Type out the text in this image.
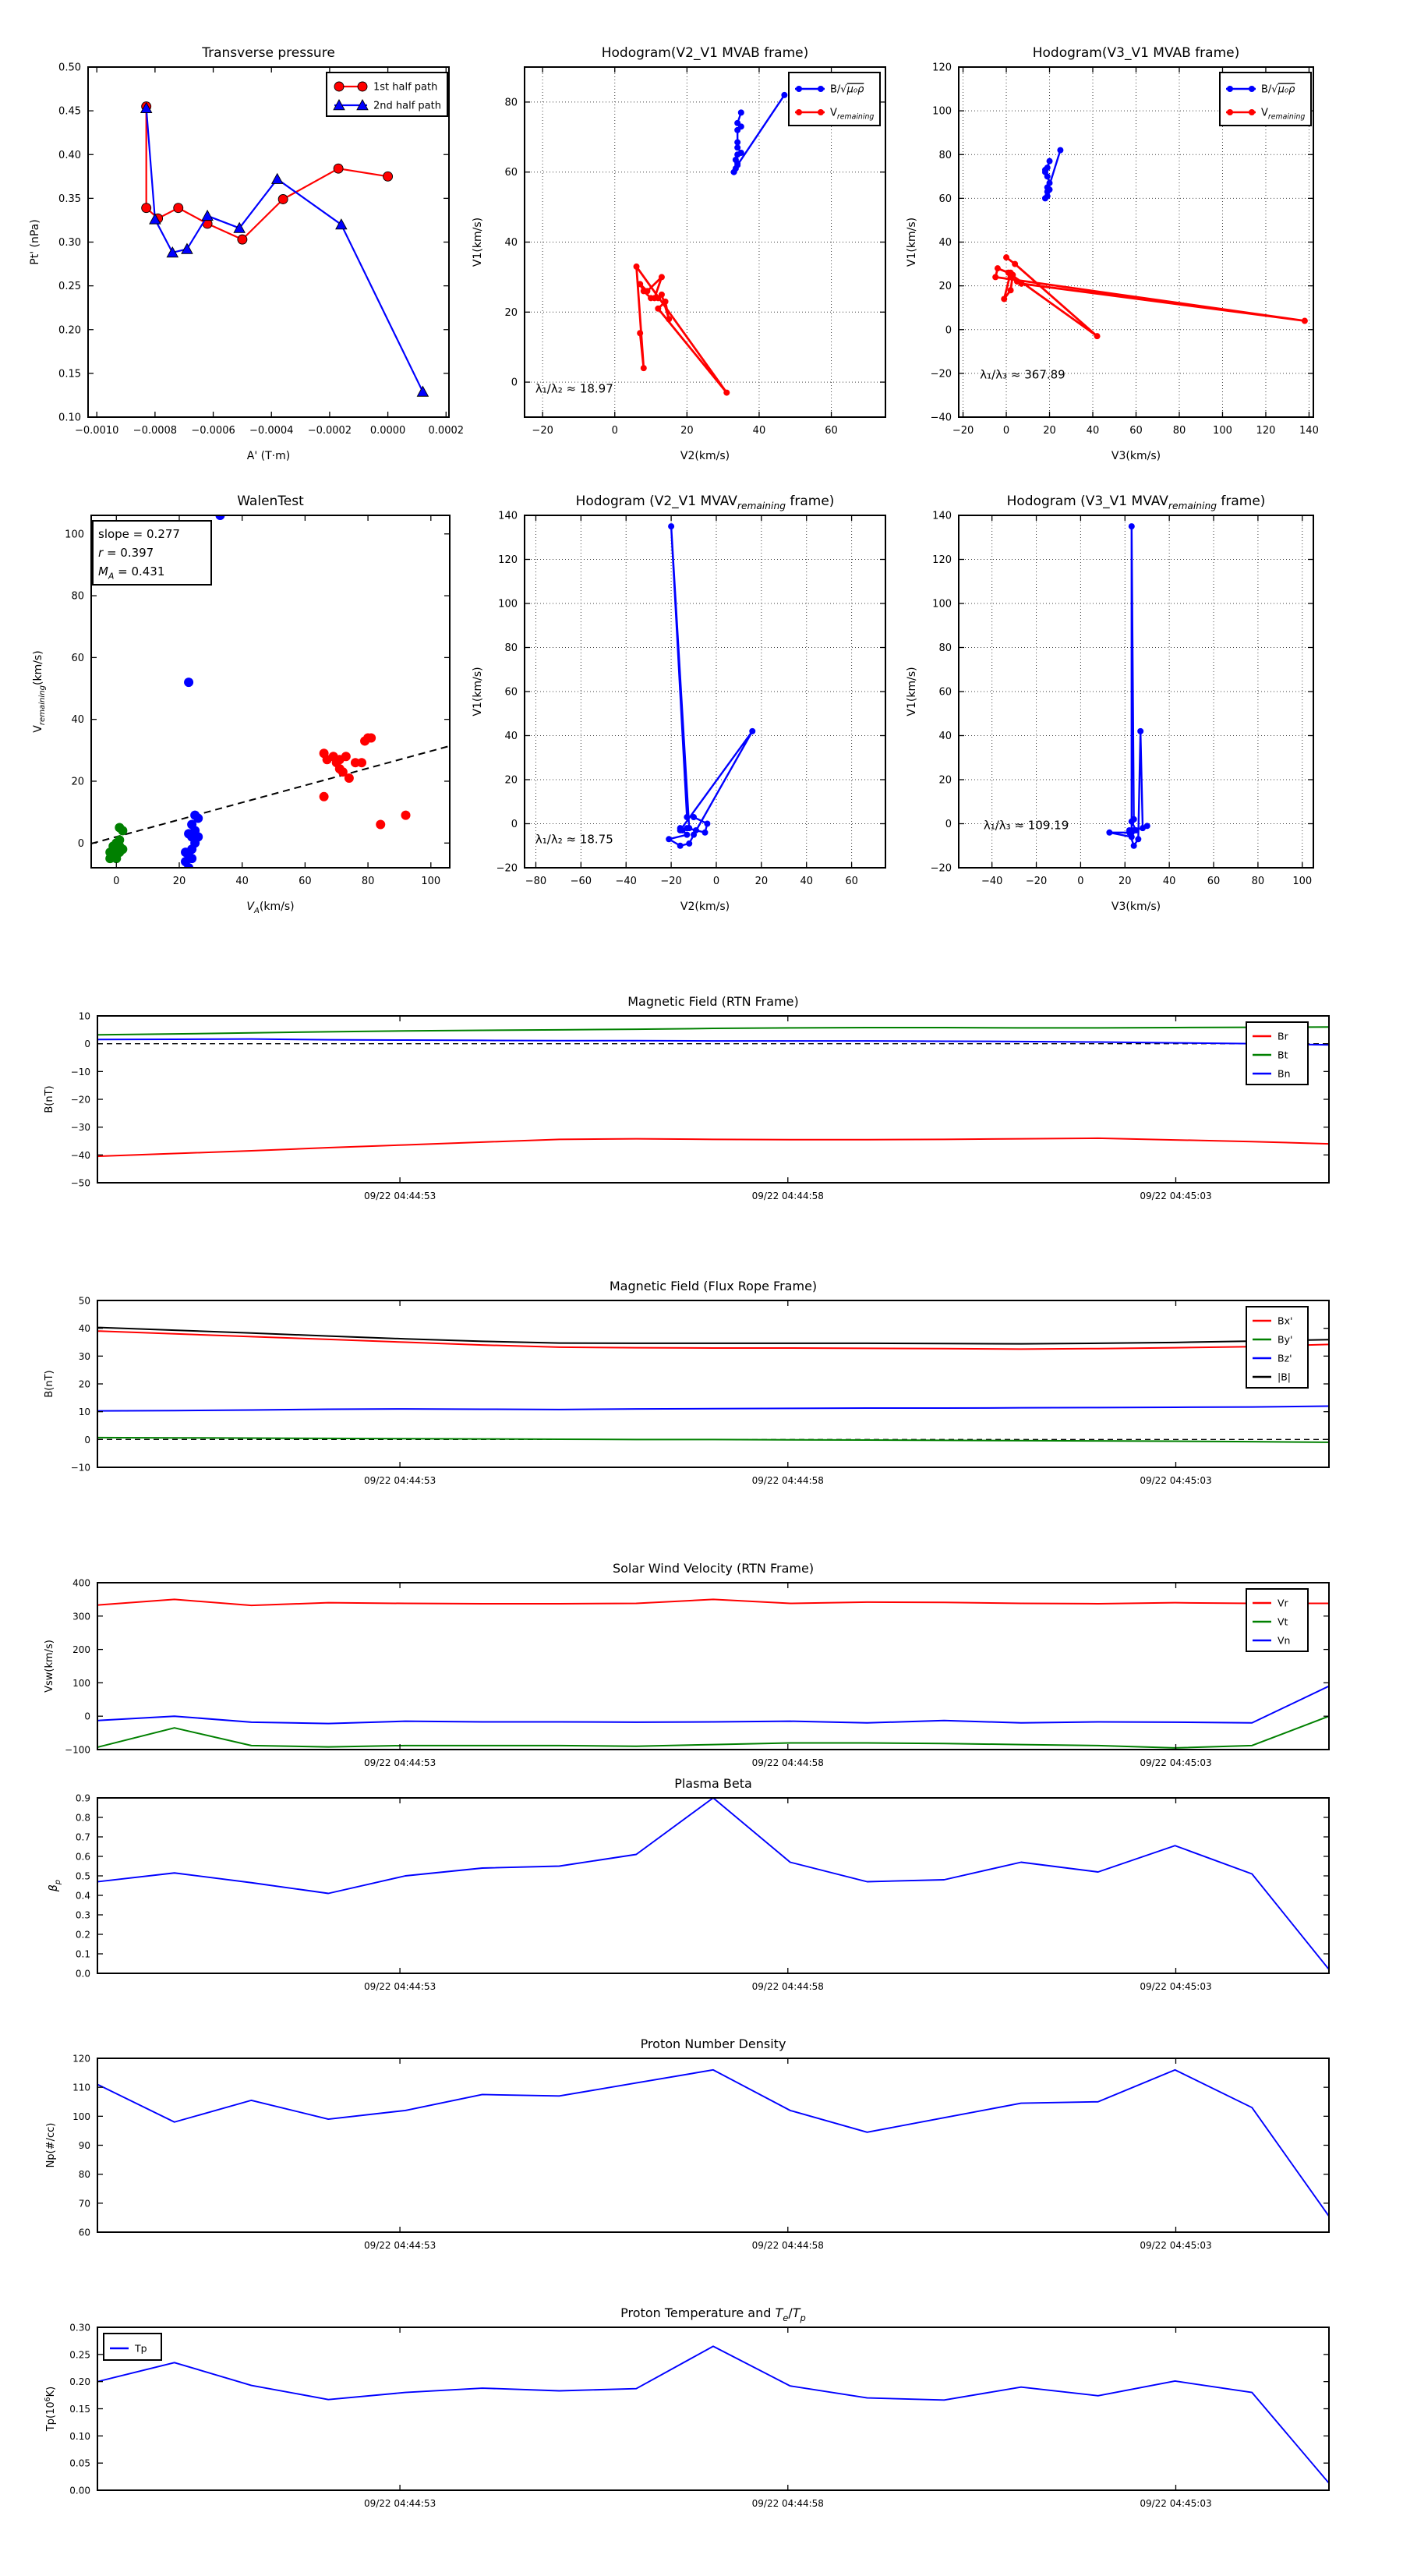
−0.0010 −0.0008 −0.0006 −0.0004 −0.0002 0.0000 0.0002
0.10
0.15
0.20
0.25
0.30
0.35
0.40
0.45
0.50
Transverse pressure
A' (T·m)
Pt' (nPa)
1st half path
2nd half path
−20	0	20	40	60
0
20
40
60
80
Hodogram(V2_V1 MVAB frame)
V2(km/s)
V1(km/s)
λ₁/λ₂ ≈ 18.97
B/√μ₀ρ
$V_{remaining}$
−20	0	20	40	60	80	100 120 140
−40
−20
0
20
40
60
80
100
120
Hodogram(V3_V1 MVAB frame)
V3(km/s)
V1(km/s)
λ₁/λ₃ ≈ 367.89
B/√μ₀ρ
$V_{remaining}$
0	20	40	60	80	100
0
20
40
60
80
100
WalenTest
$V_A(km/s)$
$V_{remaining}(km/s)$
slope = 0.277
r = 0.397
$M_A = 0.431$
−80 −60 −40 −20	0	20	40	60
−20
0
20
40
60
80
100
120
140
Hodogram (V2_V1 $MVAV_{remaining}$ frame)
V2(km/s)
V1(km/s)
λ₁/λ₂ ≈ 18.75
−40 −20	0	20	40	60	80	100
−20
0
20
40
60
80
100
120
140
Hodogram (V3_V1 $MVAV_{remaining}$ frame)
V3(km/s)
V1(km/s)
λ₁/λ₃ ≈ 109.19
09/22 04:44:53	09/22 04:44:58	09/22 04:45:03
−50
−40
−30
−20
−10
0
10
Magnetic Field (RTN Frame)
B(nT)
Br
Bt
Bn
09/22 04:44:53	09/22 04:44:58	09/22 04:45:03
−10
0
10
20
30
40
50
Magnetic Field (Flux Rope Frame)
B(nT)
Bx'
By'
Bz'
|B|
09/22 04:44:53	09/22 04:44:58	09/22 04:45:03
−100
0
100
200
300
400
Solar Wind Velocity (RTN Frame)
Vsw(km/s)
Vr
Vt
Vn
09/22 04:44:53	09/22 04:44:58	09/22 04:45:03
0.0
0.1
0.2
0.3
0.4
0.5
0.6
0.7
0.8
0.9
Plasma Beta
$\beta_p$
09/22 04:44:53	09/22 04:44:58	09/22 04:45:03
60
70
80
90
100
110
120
Proton Number Density
Np(#/cc)
09/22 04:44:53	09/22 04:44:58	09/22 04:45:03
0.00
0.05
0.10
0.15
0.20
0.25
0.30
Proton Temperature and $T_e/T_p$
$Tp(10^6K)$
Tp
